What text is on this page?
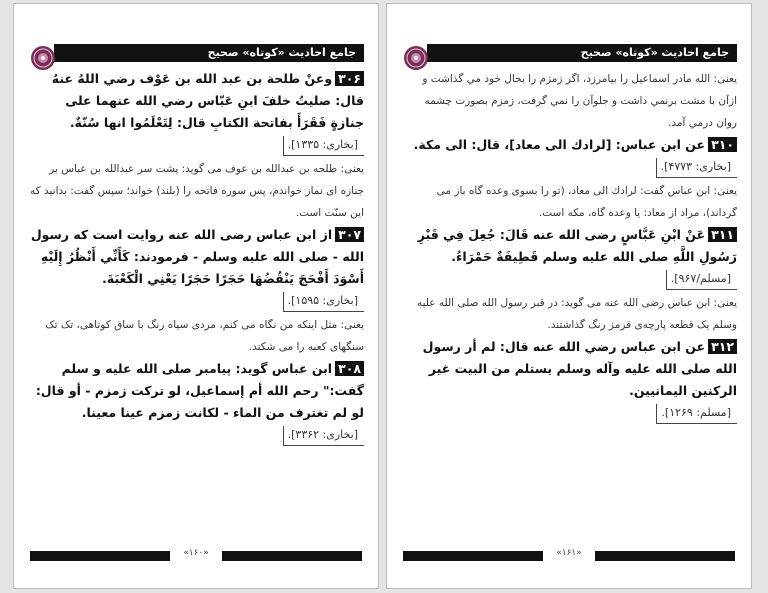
جامع احادیث «کوتاه» صحیح
۳۰۶وعنْ طلحة بن عبد الله بن عَوْف رضي اللهُ عنهُ قال: صليتُ خلفَ ابنِ عَبّاس رضي الله عنهما على جنازةٍ فَقَرَأَ بفاتحة الكتابِ قال: لِتَعْلَمُوا انها سُنّةٌ.
[بخاری: ۱۳۳۵].
یعنی: طلحه بن عبدالله بن عوف می گوید: پشت سر عبدالله بن عباس بر جنازه ای نماز خواندم، پس سوره فاتحه را (بلند) خواند؛ سپس گفت: بدانید که این سنّت است.
۳۰۷از ابن عباس رضی الله عنه روایت است که رسول الله - صلی الله علیه وسلم - فرمودند: كَأَنِّي أَنْظُرُ إِلَيْهِ أَسْوَدَ أَفْحَجَ يَنْقُضُهَا حَجَرًا حَجَرًا يَعْنِي الْكَعْبَةَ.
[بخاری: ۱۵۹۵].
یعنی: مثل اینکه من نگاه می کنم، مردی سیاه رنگ با ساق کوتاهی، تک تک سنگهای کعبه را می شکند.
۳۰۸ابن عباس گوید: پیامبر صلی الله علیه و سلم گفت:" رحم الله أم إسماعيل، لو تركت زمزم - أو قال: لو لم تغترف من الماء - لكانت زمزم عينا معينا.
[بخاری: ۳۳۶۲].
«۱۶۰»
جامع احادیث «کوتاه» صحیح
یعنی: الله مادر اسماعیل را بیامرزد، اگر زمزم را بحال خود مي گذاشت و ازآن با مشت برنمي داشت و جلوآن را نمي گرفت، زمزم بصورت چشمه روان درمي آمد.
۳۱۰عن ابن عباس: [لرادك الى معاد]، قال: الى مكة.
[بخاری: ۴۷۷۳].
یعنی: ابن عباس گفت: لرادك الى معاد، (تو را بسوی وعده گاه باز می گرداند)، مراد از معاد: یا وعده گاه، مکه است.
۳۱۱عَنْ ابْنِ عَبَّاسٍ رضى الله عنه قَالَ: جُعِلَ فِي قَبْرِ رَسُولِ اللَّهِ صلى الله عليه وسلم قَطِيفَةٌ حَمْرَاءُ.
[مسلم/۹۶۷].
یعنی: ابن عباس رضی الله عنه می گوید: در قبر رسول الله صلی الله علیه وسلم یک قطعه پارچه‌ی قرمز رنگ گذاشتند.
۳۱۲عن ابن عباس رضي الله عنه قال: لم أر رسول الله صلى الله عليه وآله وسلم يستلم من البيت غير الركنين اليمانيين.
[مسلم: ۱۲۶۹].
«۱۶۱»
